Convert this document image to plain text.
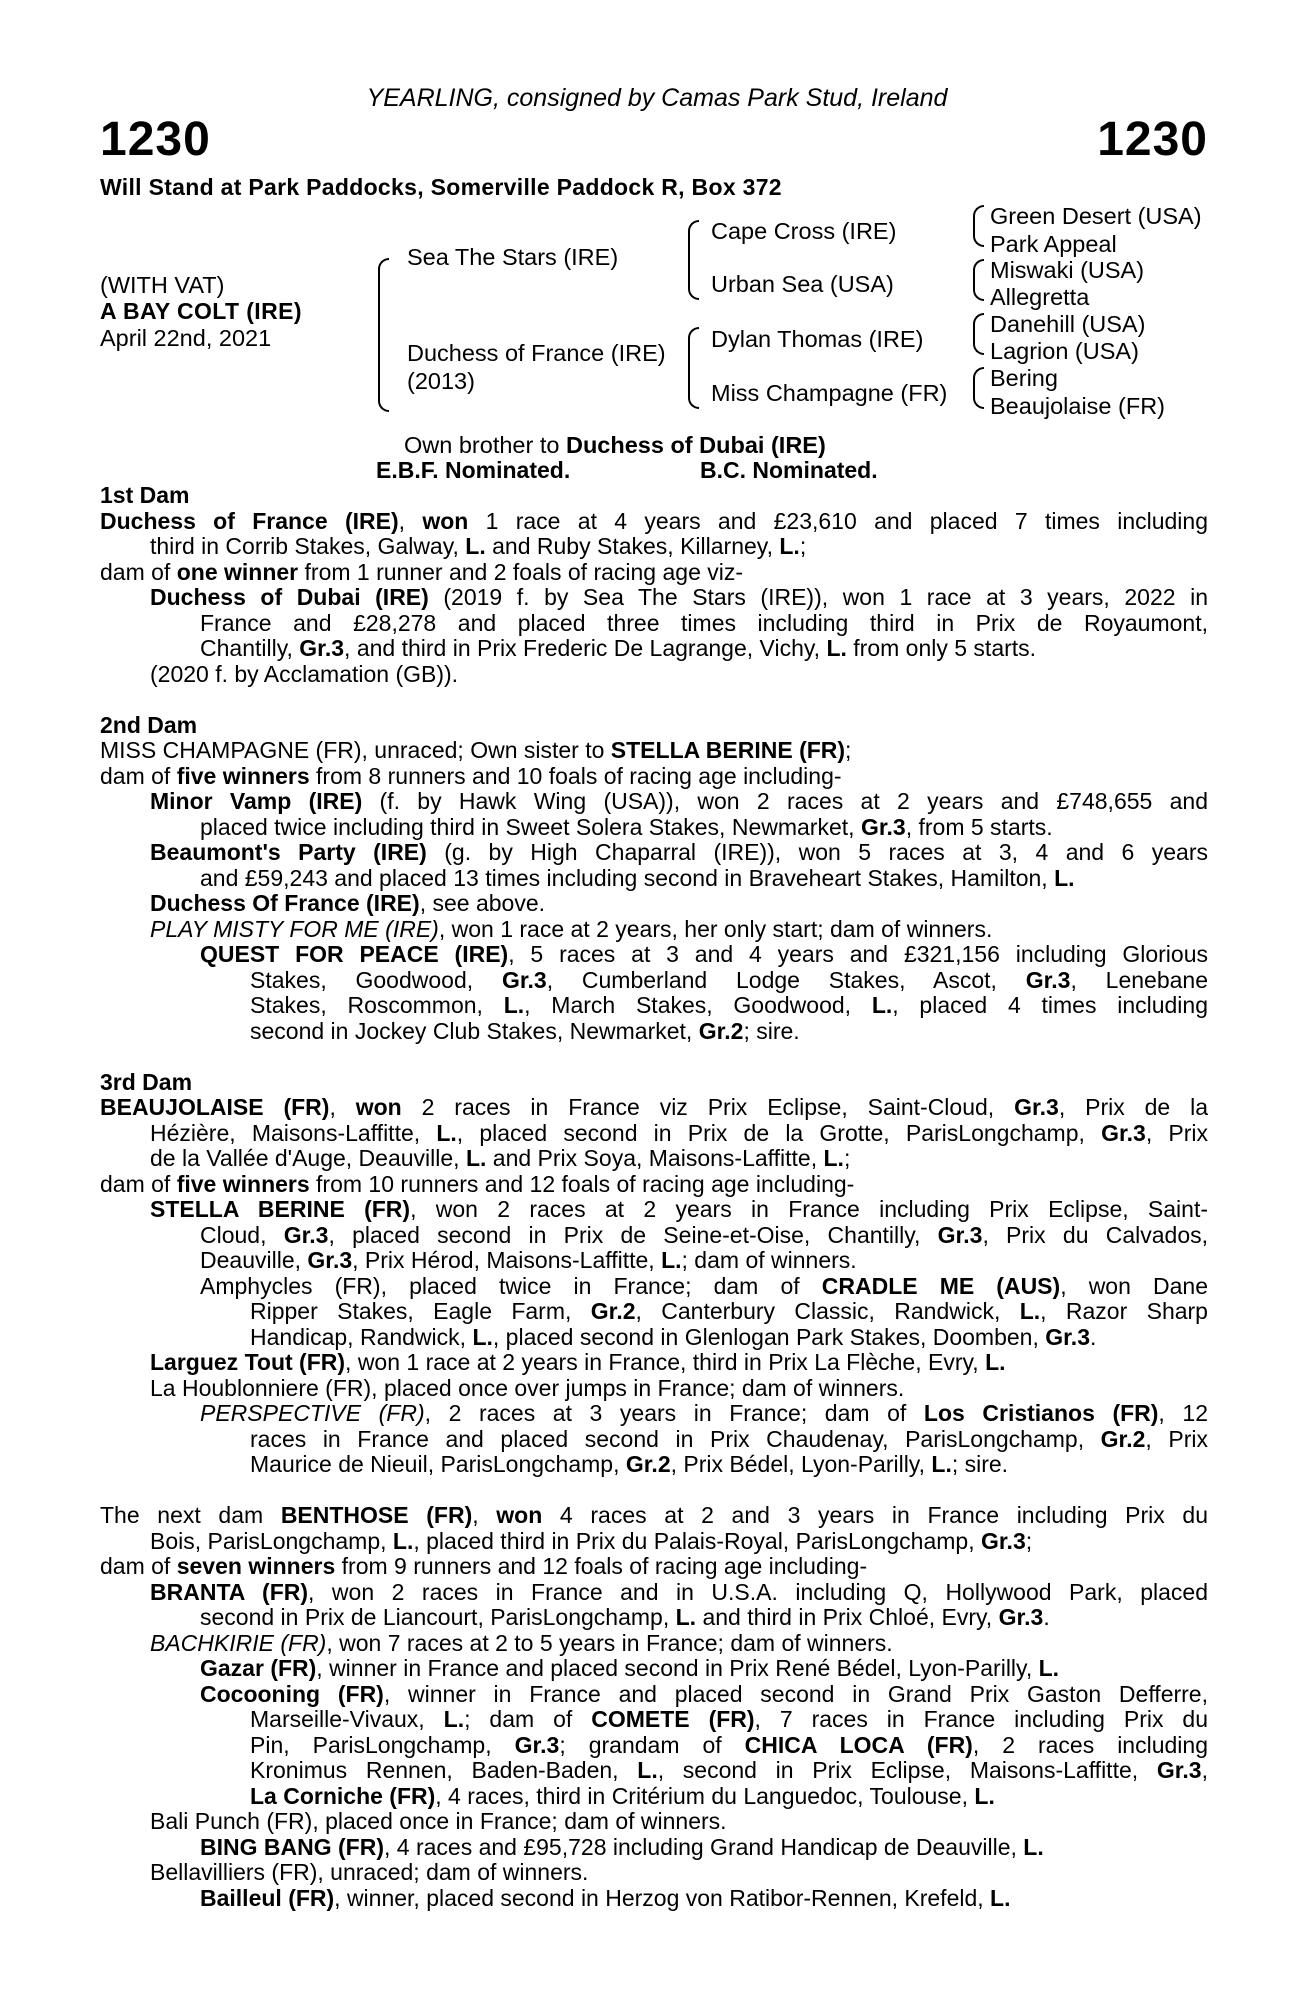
YEARLING, consigned by Camas Park Stud, Ireland
1230	1230
Will Stand at Park Paddocks, Somerville Paddock R, Box 372
(WITH VAT)
A BAY COLT (IRE)
April 22nd, 2021
Sea The Stars (IRE)
Duchess of France (IRE)
(2013)
Cape Cross (IRE)
Urban Sea (USA)
Dylan Thomas (IRE)
Miss Champagne (FR)
Green Desert (USA)
Park Appeal
Miswaki (USA)
Allegretta
Danehill (USA)
Lagrion (USA)
Bering
Beaujolaise (FR)
Own brother to Duchess of Dubai (IRE)
E.B.F. Nominated.	B.C. Nominated.
1st Dam
Duchess of France (IRE), won 1 race at 4 years and £23,610 and placed 7 times including
third in Corrib Stakes, Galway, L. and Ruby Stakes, Killarney, L.;
dam of one winner from 1 runner and 2 foals of racing age viz-
Duchess of Dubai (IRE) (2019 f. by Sea The Stars (IRE)), won 1 race at 3 years, 2022 in
France and £28,278 and placed three times including third in Prix de Royaumont,
Chantilly, Gr.3, and third in Prix Frederic De Lagrange, Vichy, L. from only 5 starts.
(2020 f. by Acclamation (GB)).
2nd Dam
MISS CHAMPAGNE (FR), unraced; Own sister to STELLA BERINE (FR);
dam of five winners from 8 runners and 10 foals of racing age including-
Minor Vamp (IRE) (f. by Hawk Wing (USA)), won 2 races at 2 years and £748,655 and
placed twice including third in Sweet Solera Stakes, Newmarket, Gr.3, from 5 starts.
Beaumont's Party (IRE) (g. by High Chaparral (IRE)), won 5 races at 3, 4 and 6 years
and £59,243 and placed 13 times including second in Braveheart Stakes, Hamilton, L.
Duchess Of France (IRE), see above.
PLAY MISTY FOR ME (IRE), won 1 race at 2 years, her only start; dam of winners.
QUEST FOR PEACE (IRE), 5 races at 3 and 4 years and £321,156 including Glorious
Stakes, Goodwood, Gr.3, Cumberland Lodge Stakes, Ascot, Gr.3, Lenebane
Stakes, Roscommon, L., March Stakes, Goodwood, L., placed 4 times including
second in Jockey Club Stakes, Newmarket, Gr.2; sire.
3rd Dam
BEAUJOLAISE (FR), won 2 races in France viz Prix Eclipse, Saint-Cloud, Gr.3, Prix de la
Hézière, Maisons-Laffitte, L., placed second in Prix de la Grotte, ParisLongchamp, Gr.3, Prix
de la Vallée d'Auge, Deauville, L. and Prix Soya, Maisons-Laffitte, L.;
dam of five winners from 10 runners and 12 foals of racing age including-
STELLA BERINE (FR), won 2 races at 2 years in France including Prix Eclipse, Saint-
Cloud, Gr.3, placed second in Prix de Seine-et-Oise, Chantilly, Gr.3, Prix du Calvados,
Deauville, Gr.3, Prix Hérod, Maisons-Laffitte, L.; dam of winners.
Amphycles (FR), placed twice in France; dam of CRADLE ME (AUS), won Dane
Ripper Stakes, Eagle Farm, Gr.2, Canterbury Classic, Randwick, L., Razor Sharp
Handicap, Randwick, L., placed second in Glenlogan Park Stakes, Doomben, Gr.3.
Larguez Tout (FR), won 1 race at 2 years in France, third in Prix La Flèche, Evry, L.
La Houblonniere (FR), placed once over jumps in France; dam of winners.
PERSPECTIVE (FR), 2 races at 3 years in France; dam of Los Cristianos (FR), 12
races in France and placed second in Prix Chaudenay, ParisLongchamp, Gr.2, Prix
Maurice de Nieuil, ParisLongchamp, Gr.2, Prix Bédel, Lyon-Parilly, L.; sire.
The next dam BENTHOSE (FR), won 4 races at 2 and 3 years in France including Prix du
Bois, ParisLongchamp, L., placed third in Prix du Palais-Royal, ParisLongchamp, Gr.3;
dam of seven winners from 9 runners and 12 foals of racing age including-
BRANTA (FR), won 2 races in France and in U.S.A. including Q, Hollywood Park, placed
second in Prix de Liancourt, ParisLongchamp, L. and third in Prix Chloé, Evry, Gr.3.
BACHKIRIE (FR), won 7 races at 2 to 5 years in France; dam of winners.
Gazar (FR), winner in France and placed second in Prix René Bédel, Lyon-Parilly, L.
Cocooning (FR), winner in France and placed second in Grand Prix Gaston Defferre,
Marseille-Vivaux, L.; dam of COMETE (FR), 7 races in France including Prix du
Pin, ParisLongchamp, Gr.3; grandam of CHICA LOCA (FR), 2 races including
Kronimus Rennen, Baden-Baden, L., second in Prix Eclipse, Maisons-Laffitte, Gr.3,
La Corniche (FR), 4 races, third in Critérium du Languedoc, Toulouse, L.
Bali Punch (FR), placed once in France; dam of winners.
BING BANG (FR), 4 races and £95,728 including Grand Handicap de Deauville, L.
Bellavilliers (FR), unraced; dam of winners.
Bailleul (FR), winner, placed second in Herzog von Ratibor-Rennen, Krefeld, L.
